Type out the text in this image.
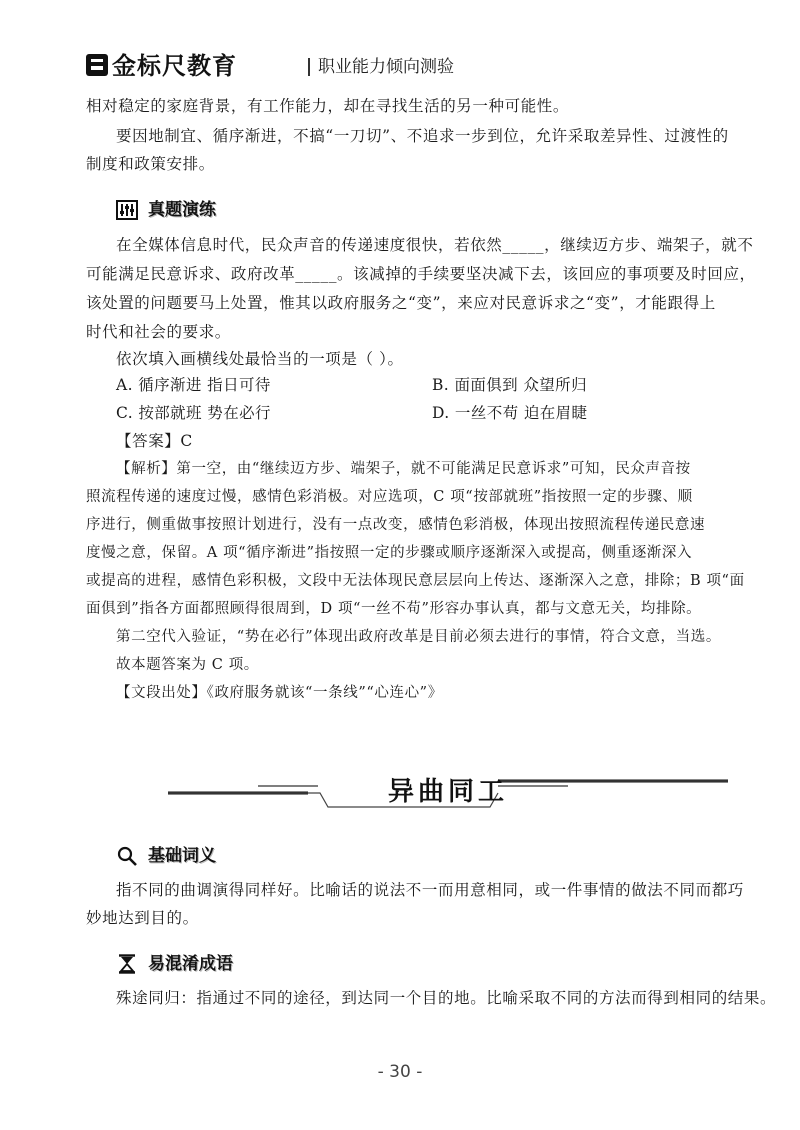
金标尺教育	职业能力倾向测验
相对稳定的家庭背景，有工作能力，却在寻找生活的另一种可能性。
要因地制宜、循序渐进，不搞“一刀切”、不追求一步到位，允许采取差异性、过渡性的
制度和政策安排。
真题演练
在全媒体信息时代，民众声音的传递速度很快，若依然_____，继续迈方步、端架子，就不
可能满足民意诉求、政府改革_____。该减掉的手续要坚决减下去，该回应的事项要及时回应，
该处置的问题要马上处置，惟其以政府服务之“变”，来应对民意诉求之“变”，才能跟得上
时代和社会的要求。
依次填入画横线处最恰当的一项是（ ）。
A. 循序渐进 指日可待	B. 面面俱到 众望所归
C. 按部就班 势在必行	D. 一丝不苟 迫在眉睫
【答案】C
【解析】第一空，由“继续迈方步、端架子，就不可能满足民意诉求”可知，民众声音按
照流程传递的速度过慢，感情色彩消极。对应选项，C 项“按部就班”指按照一定的步骤、顺
序进行，侧重做事按照计划进行，没有一点改变，感情色彩消极，体现出按照流程传递民意速
度慢之意，保留。A 项“循序渐进”指按照一定的步骤或顺序逐渐深入或提高，侧重逐渐深入
或提高的进程，感情色彩积极，文段中无法体现民意层层向上传达、逐渐深入之意，排除；B 项“面
面俱到”指各方面都照顾得很周到，D 项“一丝不苟”形容办事认真，都与文意无关，均排除。
第二空代入验证，“势在必行”体现出政府改革是目前必须去进行的事情，符合文意，当选。
故本题答案为 C 项。
【文段出处】《政府服务就该“一条线”“心连心”》
异曲同工
基础词义
指不同的曲调演得同样好。比喻话的说法不一而用意相同，或一件事情的做法不同而都巧
妙地达到目的。
易混淆成语
殊途同归：指通过不同的途径，到达同一个目的地。比喻采取不同的方法而得到相同的结果。
- 30 -
